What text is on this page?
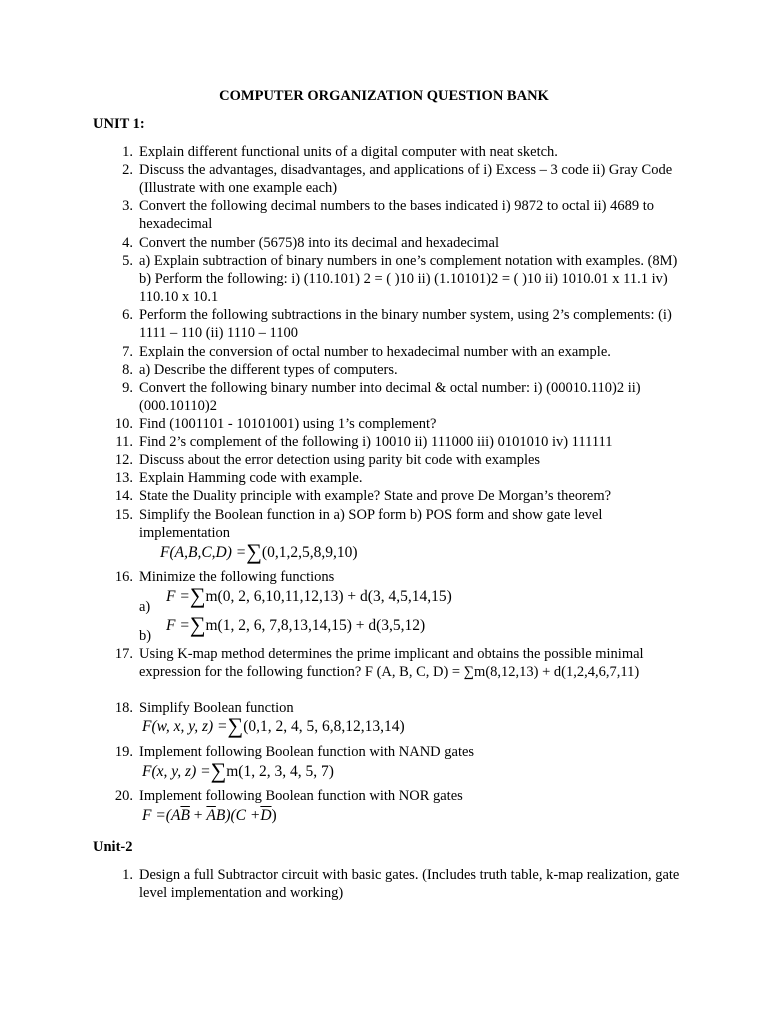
COMPUTER ORGANIZATION QUESTION BANK
UNIT 1:
1. Explain different functional units of a digital computer with neat sketch.
2. Discuss the advantages, disadvantages, and applications of i) Excess – 3 code ii) Gray Code (Illustrate with one example each)
3. Convert the following decimal numbers to the bases indicated i) 9872 to octal ii) 4689 to hexadecimal
4. Convert the number (5675)8 into its decimal and hexadecimal
5. a) Explain subtraction of binary numbers in one’s complement notation with examples. (8M) b) Perform the following: i) (110.101) 2 = ( )10 ii) (1.10101)2 = ( )10 ii) 1010.01 x 11.1 iv) 110.10 x 10.1
6. Perform the following subtractions in the binary number system, using 2’s complements: (i) 1111 – 110 (ii) 1110 – 1100
7. Explain the conversion of octal number to hexadecimal number with an example.
8. a) Describe the different types of computers.
9. Convert the following binary number into decimal & octal number: i) (00010.110)2 ii) (000.10110)2
10. Find (1001101 - 10101001) using 1’s complement?
11. Find 2’s complement of the following i) 10010 ii) 111000 iii) 0101010 iv) 111111
12. Discuss about the error detection using parity bit code with examples
13. Explain Hamming code with example.
14. State the Duality principle with example? State and prove De Morgan’s theorem?
15. Simplify the Boolean function in a) SOP form b) POS form and show gate level implementation
F(A,B,C,D) =∑(0,1,2,5,8,9,10)
16. Minimize the following functions
a)
F =∑m(0, 2, 6,10,11,12,13) + d(3, 4,5,14,15)
b)
F =∑m(1, 2, 6, 7,8,13,14,15) + d(3,5,12)
17. Using K-map method determines the prime implicant and obtains the possible minimal expression for the following function? F (A, B, C, D) = ∑m(8,12,13) + d(1,2,4,6,7,11)
18. Simplify Boolean function
F(w, x, y, z) =∑(0,1, 2, 4, 5, 6,8,12,13,14)
19. Implement following Boolean function with NAND gates
F(x, y, z) =∑m(1, 2, 3, 4, 5, 7)
20. Implement following Boolean function with NOR gates
$F =(A\overline{B} + \overline{A}B)(C +\overline{D})$
Unit-2
1. Design a full Subtractor circuit with basic gates. (Includes truth table, k-map realization, gate level implementation and working)
